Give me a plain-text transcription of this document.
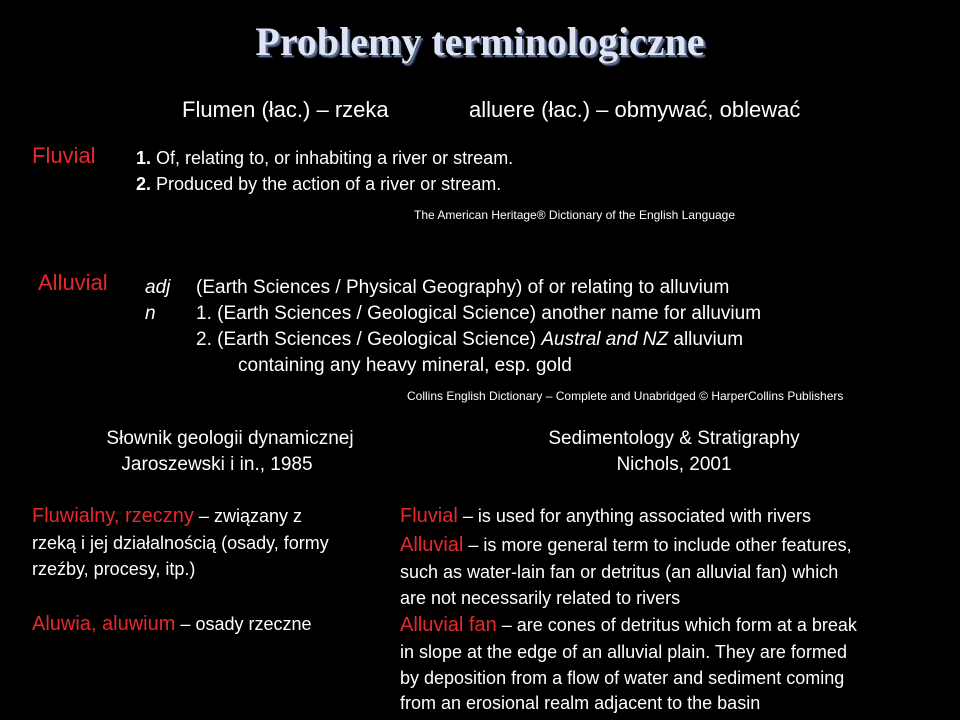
Problemy terminologiczne
Flumen (łac.) – rzeka	alluere (łac.) – obmywać, oblewać
Fluvial 1. Of, relating to, or inhabiting a river or stream.
2. Produced by the action of a river or stream.
The American Heritage® Dictionary of the English Language
Alluvial adj (Earth Sciences / Physical Geography) of or relating to alluvium
n 1. (Earth Sciences / Geological Science) another name for alluvium
2. (Earth Sciences / Geological Science) Austral and NZ alluvium
containing any heavy mineral, esp. gold
Collins English Dictionary – Complete and Unabridged © HarperCollins Publishers
Słownik geologii dynamicznej
Jaroszewski i in., 1985
Fluwialny, rzeczny – związany z
rzeką i jej działalnością (osady, formy
rzeźby, procesy, itp.)
Aluwia, aluwium – osady rzeczne
Sedimentology & Stratigraphy
Nichols, 2001
Fluvial – is used for anything associated with rivers
Alluvial – is more general term to include other features,
such as water-lain fan or detritus (an alluvial fan) which
are not necessarily related to rivers
Alluvial fan – are cones of detritus which form at a break
in slope at the edge of an alluvial plain. They are formed
by deposition from a flow of water and sediment coming
from an erosional realm adjacent to the basin
